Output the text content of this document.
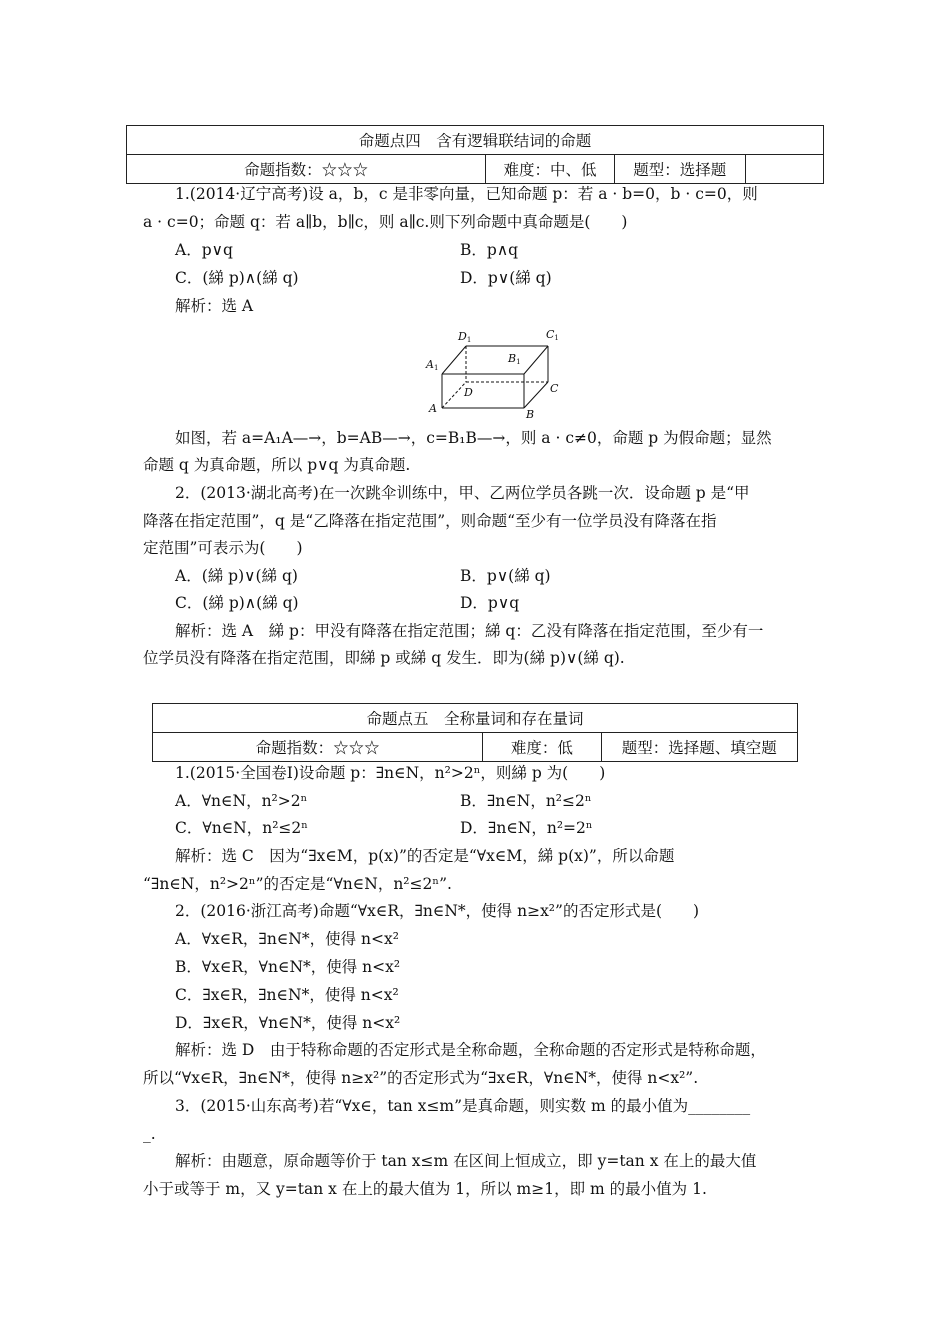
命题点四　含有逻辑联结词的命题
命题指数：☆☆☆	难度：中、低	题型：选择题	
1.(2014·辽宁高考)设 a，b，c 是非零向量，已知命题 p：若 a · b=0，b · c=0，则
a · c=0；命题 q：若 a∥b，b∥c，则 a∥c.则下列命题中真命题是(　　)
A．p∨q	B．p∧q
C．(綈 p)∧(綈 q)	D．p∨(綈 q)
解析：选 A
D1	C1
A1
B1
D	C
A	B
如图，若 a=A₁A—→，b=AB—→，c=B₁B—→，则 a · c≠0，命题 p 为假命题；显然
命题 q 为真命题，所以 p∨q 为真命题.
2．(2013·湖北高考)在一次跳伞训练中，甲、乙两位学员各跳一次．设命题 p 是“甲
降落在指定范围”，q 是“乙降落在指定范围”，则命题“至少有一位学员没有降落在指
定范围”可表示为(　　)
A．(綈 p)∨(綈 q)	B．p∨(綈 q)
C．(綈 p)∧(綈 q)	D．p∨q
解析：选 A　綈 p：甲没有降落在指定范围；綈 q：乙没有降落在指定范围，至少有一
位学员没有降落在指定范围，即綈 p 或綈 q 发生．即为(綈 p)∨(綈 q).
命题点五　全称量词和存在量词
命题指数：☆☆☆	难度：低	题型：选择题、填空题
1.(2015·全国卷Ⅰ)设命题 p：∃n∈N，n²>2ⁿ，则綈 p 为(　　)
A．∀n∈N，n²>2ⁿ	B．∃n∈N，n²≤2ⁿ
C．∀n∈N，n²≤2ⁿ	D．∃n∈N，n²=2ⁿ
解析：选 C　因为“∃x∈M，p(x)”的否定是“∀x∈M，綈 p(x)”，所以命题
“∃n∈N，n²>2ⁿ”的否定是“∀n∈N，n²≤2ⁿ”.
2．(2016·浙江高考)命题“∀x∈R，∃n∈N*，使得 n≥x²”的否定形式是(　　)
A．∀x∈R，∃n∈N*，使得 n<x²
B．∀x∈R，∀n∈N*，使得 n<x²
C．∃x∈R，∃n∈N*，使得 n<x²
D．∃x∈R，∀n∈N*，使得 n<x²
解析：选 D　由于特称命题的否定形式是全称命题，全称命题的否定形式是特称命题，
所以“∀x∈R，∃n∈N*，使得 n≥x²”的否定形式为“∃x∈R，∀n∈N*，使得 n<x²”.
3．(2015·山东高考)若“∀x∈，tan x≤m”是真命题，则实数 m 的最小值为________
_.
解析：由题意，原命题等价于 tan x≤m 在区间上恒成立，即 y=tan x 在上的最大值
小于或等于 m，又 y=tan x 在上的最大值为 1，所以 m≥1，即 m 的最小值为 1.
